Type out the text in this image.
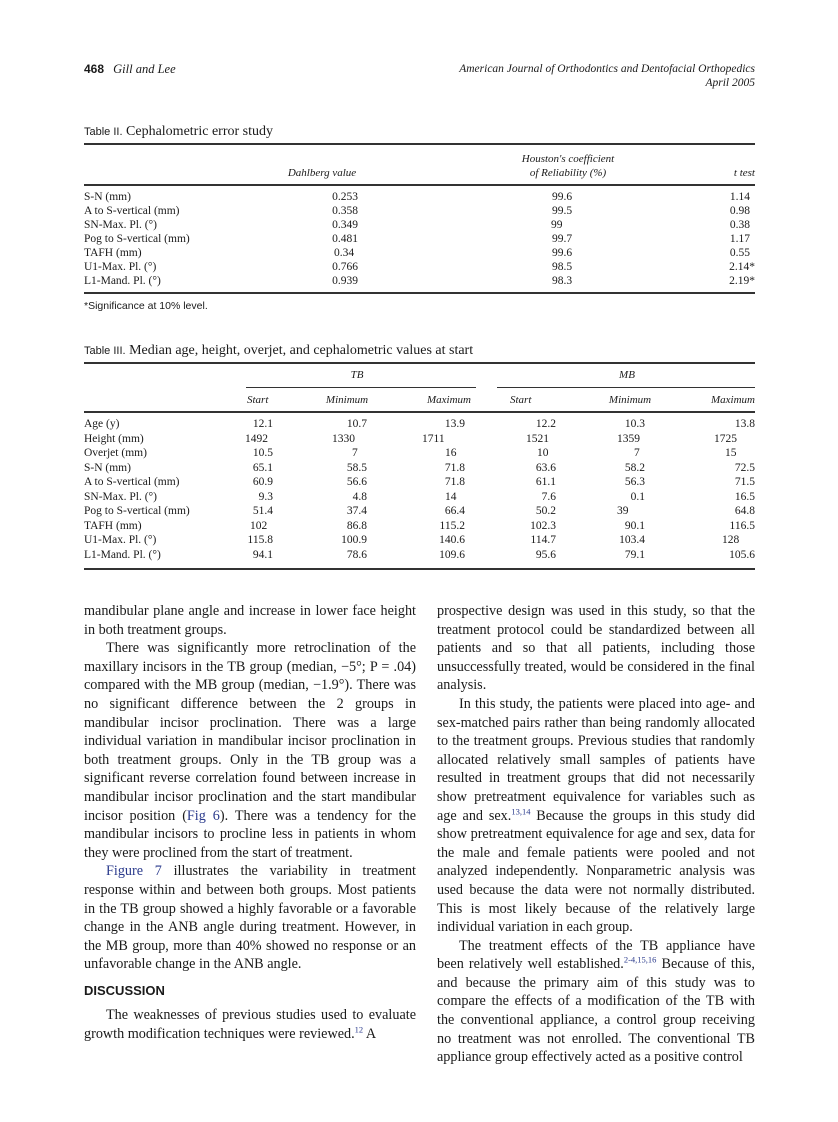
468 Gill and Lee	American Journal of Orthodontics and Dentofacial Orthopedics
April 2005
Table II. Cephalometric error study
Houston's coefficient
Dahlberg value	of Reliability (%)	t test
S-N (mm)	0.253	99.6	1.14
A to S-vertical (mm)	0.358	99.5	0.98
SN-Max. Pl. (°)	0.349	99	0.38
Pog to S-vertical (mm)	0.481	99.7	1.17
TAFH (mm)	0.34	99.6	0.55
U1-Max. Pl. (°)	0.766	98.5	2.14*
L1-Mand. Pl. (°)	0.939	98.3	2.19*
*Significance at 10% level.
Table III. Median age, height, overjet, and cephalometric values at start
TB	MB
Start	Minimum	Maximum	Start	Minimum	Maximum
Age (y)	12.1	10.7	13.9	12.2	10.3	13.8
Height (mm)	1492	1330	1711	1521	1359	1725
Overjet (mm)	10.5	7	16	10	7	15
S-N (mm)	65.1	58.5	71.8	63.6	58.2	72.5
A to S-vertical (mm)	60.9	56.6	71.8	61.1	56.3	71.5
SN-Max. Pl. (°)	9.3	4.8	14	7.6	0.1	16.5
Pog to S-vertical (mm)	51.4	37.4	66.4	50.2	39	64.8
TAFH (mm)	102	86.8	115.2	102.3	90.1	116.5
U1-Max. Pl. (°)	115.8	100.9	140.6	114.7	103.4	128
L1-Mand. Pl. (°)	94.1	78.6	109.6	95.6	79.1	105.6

mandibular plane angle and increase in lower face height in both treatment groups.

There was significantly more retroclination of the maxillary incisors in the TB group (median, −5°; P = .04) compared with the MB group (median, −1.9°). There was no significant difference between the 2 groups in mandibular incisor proclination. There was a large individual variation in mandibular incisor proclination in both treatment groups. Only in the TB group was a significant reverse correlation found between increase in mandibular incisor proclination and the start mandibular incisor position (Fig 6). There was a tendency for the mandibular incisors to procline less in patients in whom they were proclined from the start of treatment.

Figure 7 illustrates the variability in treatment response within and between both groups. Most patients in the TB group showed a highly favorable or a favorable change in the ANB angle during treatment. However, in the MB group, more than 40% showed no response or an unfavorable change in the ANB angle.

DISCUSSION

The weaknesses of previous studies used to evaluate growth modification techniques were reviewed.$^{12}$ A

prospective design was used in this study, so that the treatment protocol could be standardized between all patients and so that all patients, including those unsuccessfully treated, would be considered in the final analysis.

In this study, the patients were placed into age- and sex-matched pairs rather than being randomly allocated to the treatment groups. Previous studies that randomly allocated relatively small samples of patients have resulted in treatment groups that did not necessarily show pretreatment equivalence for variables such as age and sex.$^{13,14}$ Because the groups in this study did show pretreatment equivalence for age and sex, data for the male and female patients were pooled and not analyzed independently. Nonparametric analysis was used because the data were not normally distributed. This is most likely because of the relatively large individual variation in each group.

The treatment effects of the TB appliance have been relatively well established.$^{2-4,15,16}$ Because of this, and because the primary aim of this study was to compare the effects of a modification of the TB with the conventional appliance, a control group receiving no treatment was not enrolled. The conventional TB appliance group effectively acted as a positive control
